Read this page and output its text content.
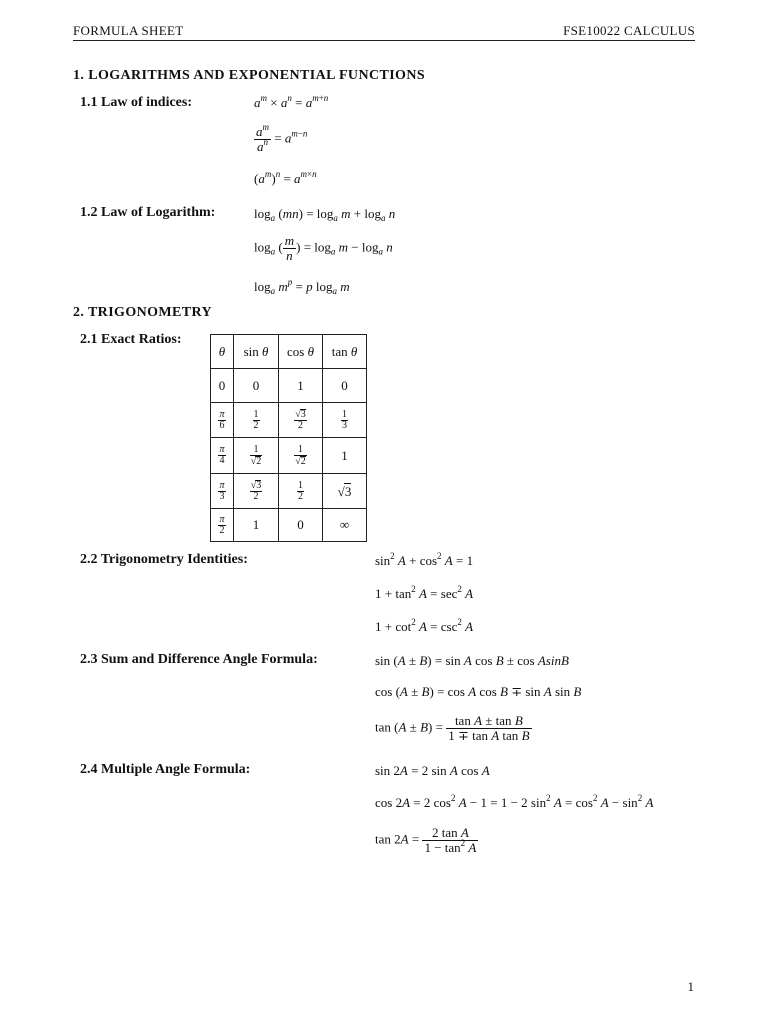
FORMULA SHEET	FSE10022 CALCULUS
1. LOGARITHMS AND EXPONENTIAL FUNCTIONS
1.1 Law of indices:	$a^m \times a^n = a^{m+n}$
$\frac{a^m}{a^n} = a^{m-n}$
$(a^m)^n = a^{m\times n}$
1.2 Law of Logarithm:	$\log_a (mn) = \log_a m + \log_a n$
$\log_a$ ( $\frac{m}{n}$ ) = $\log_a m - \log_a n$
$\log_a m^p = p$ $\log_a m$
2. TRIGONOMETRY
2.1 Exact Ratios:
θ	sin θ	cos θ	tan θ
0	0	1	0

$\frac{\pi}{6}$	$\frac{1}{2}$	$\frac{√3}{2}$	$\frac{1}{3}$

$\frac{\pi}{4}$	$\frac{1}{√2}$	$\frac{1}{√2}$	1

$\frac{\pi}{3}$	$\frac{√3}{2}$	$\frac{1}{2}$	√3

$\frac{\pi}{2}$	1	0	∞
2.2 Trigonometry Identities:	$\sin^2 A + \cos^2 A = 1$
$1 + \tan^2 A = \sec^2 A$
$1 + \cot^2 A = \csc^2 A$
2.3 Sum and Difference Angle Formula:	sin (A ± B) = sin A cos B ± cos AsinB
cos (A ± B) = cos A cos B ∓ sin A sin B
$\tan (A \pm B) = \frac{\text{tan A ± tan B}}{\text{1 ∓ tan A tan B}}$
2.4 Multiple Angle Formula:	sin 2A = 2 sin A cos A
cos 2A = 2 $\cos^2 A - 1 = 1 - 2$ $\sin^2 A = \cos^2 A - \sin^2 A$
$\tan 2A = \frac{\text{2 tan A}}{1 - \tan^2 A}$
1
